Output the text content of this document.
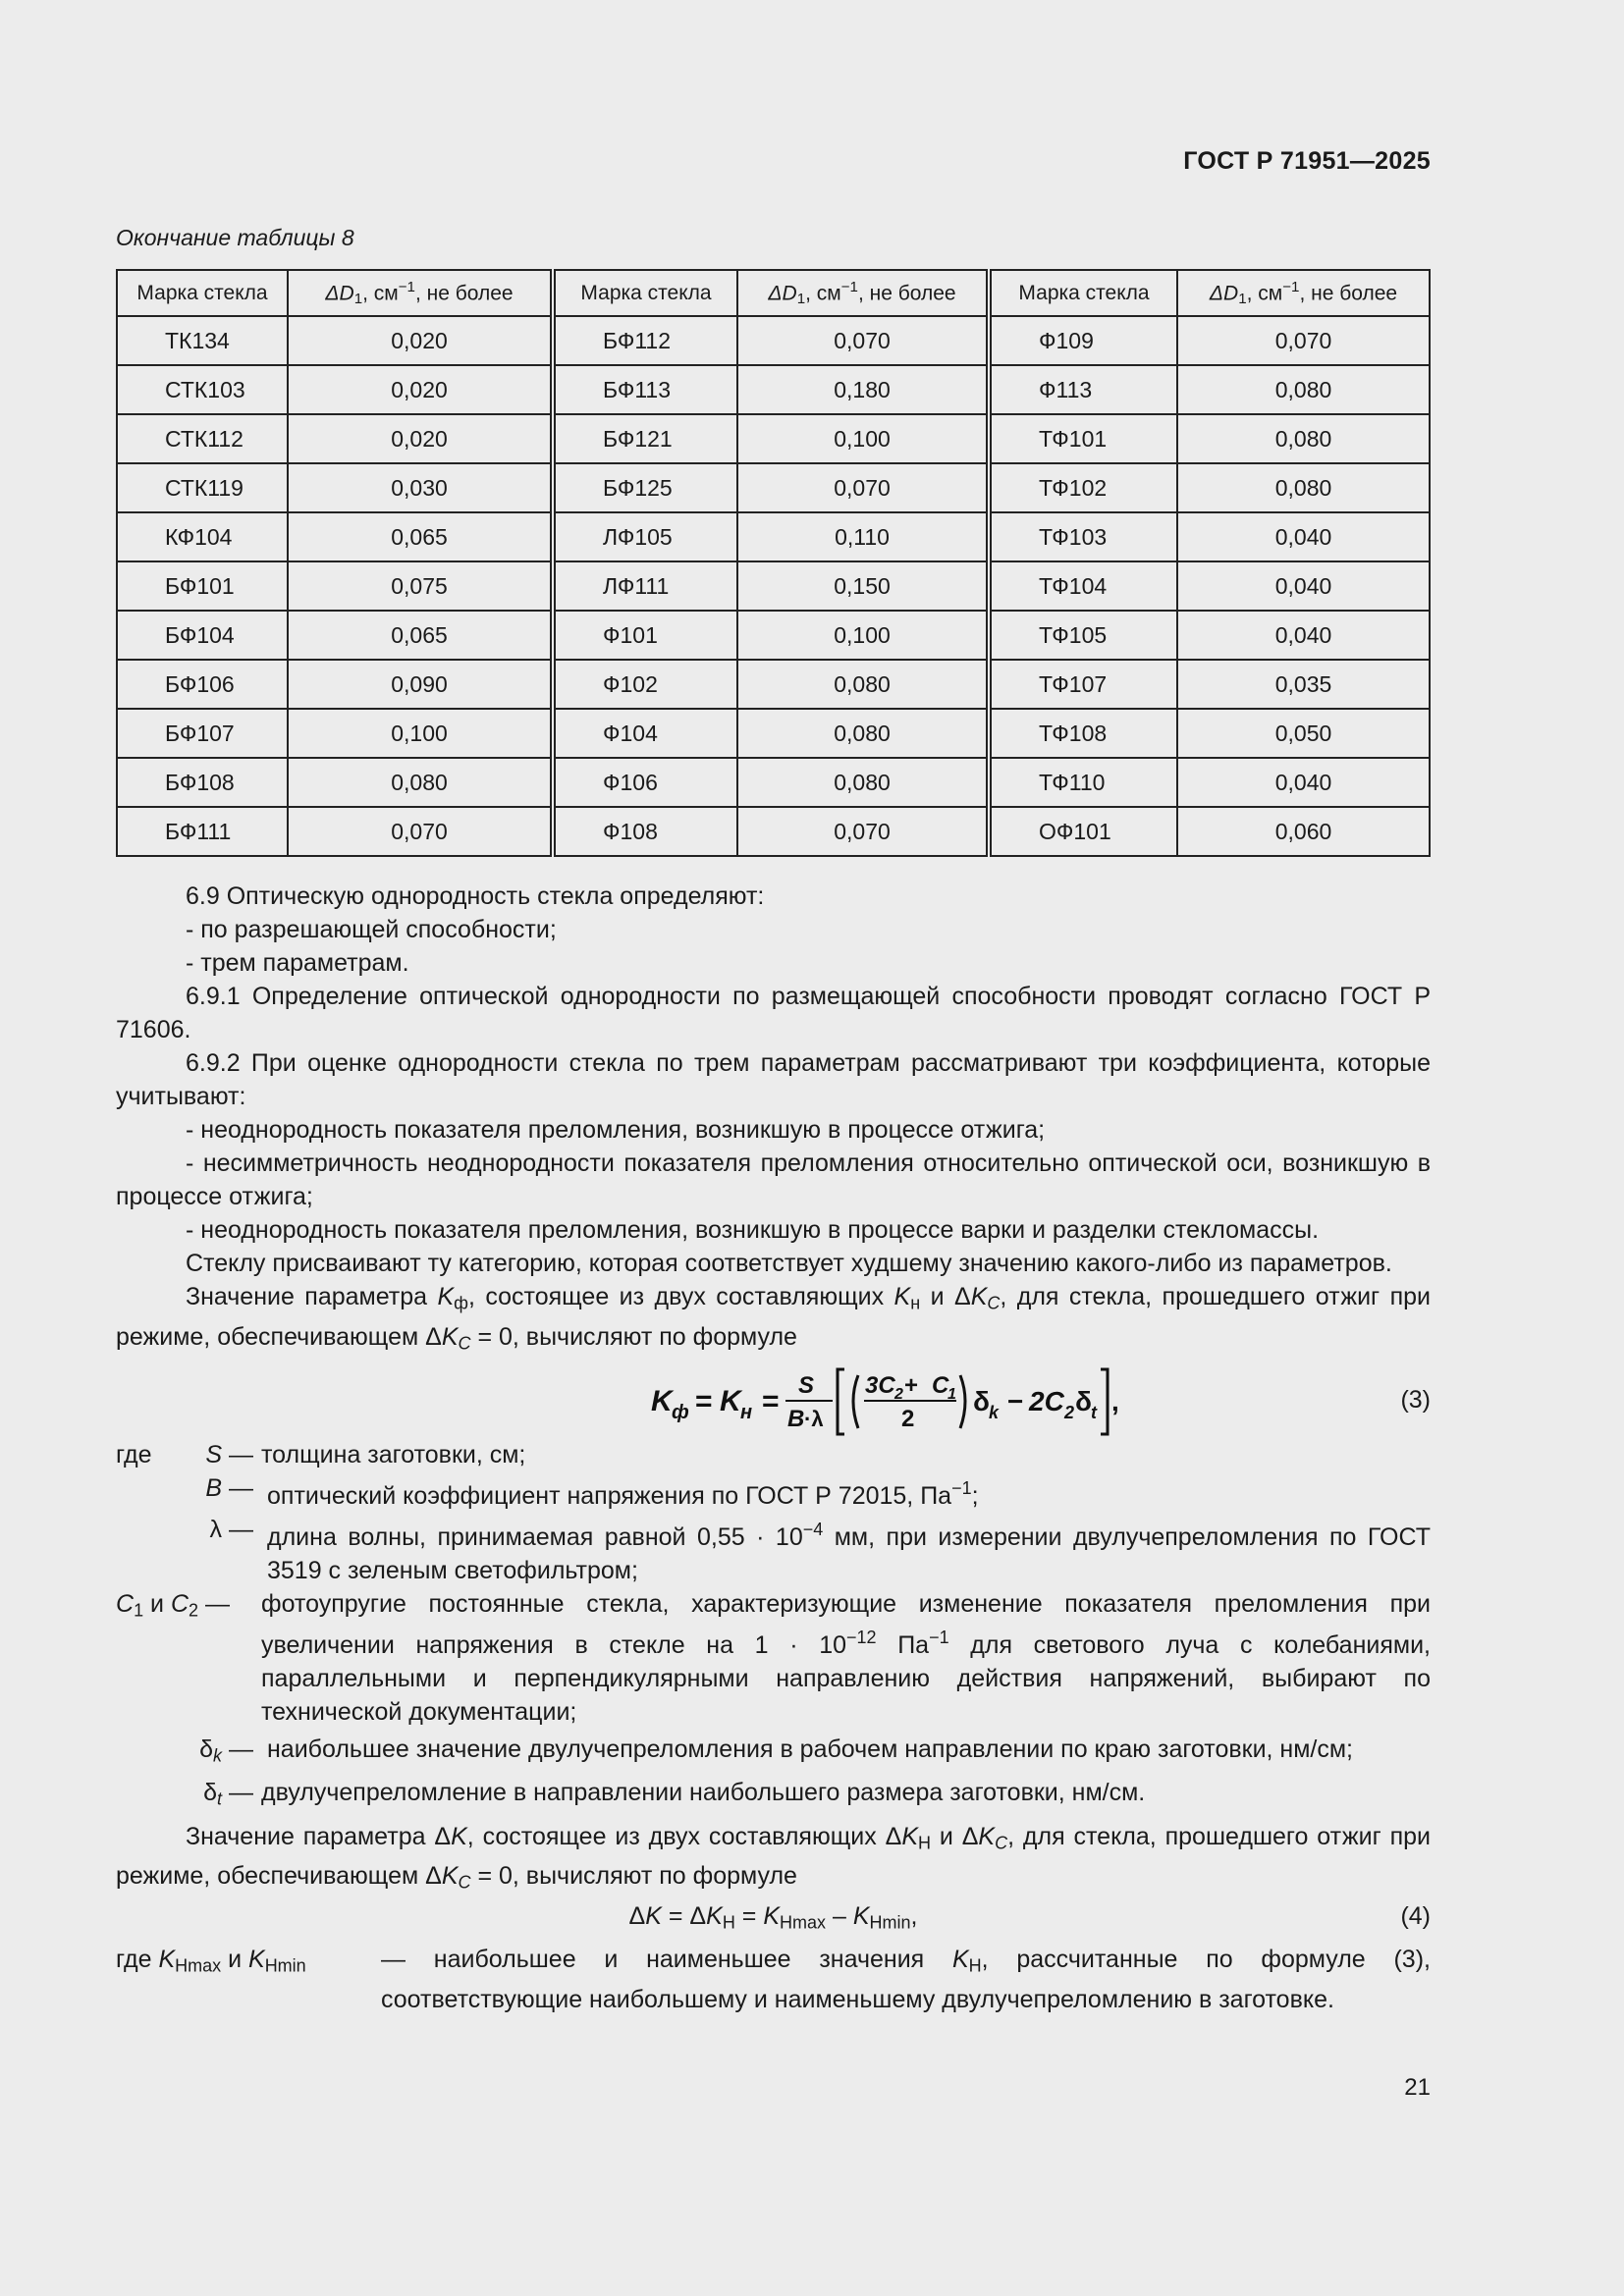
ГОСТ Р 71951—2025
Окончание таблицы 8
Марка стекла	$\Delta D_1$, $см^{-1}$, не более	Марка стекла	$\Delta D_1$, $см^{-1}$, не более	Марка стекла	$\Delta D_1$, $см^{-1}$, не более
ТК134	0,020	БФ112	0,070	Ф109	0,070
СТК103	0,020	БФ113	0,180	Ф113	0,080
СТК112	0,020	БФ121	0,100	ТФ101	0,080
СТК119	0,030	БФ125	0,070	ТФ102	0,080
КФ104	0,065	ЛФ105	0,110	ТФ103	0,040
БФ101	0,075	ЛФ111	0,150	ТФ104	0,040
БФ104	0,065	Ф101	0,100	ТФ105	0,040
БФ106	0,090	Ф102	0,080	ТФ107	0,035
БФ107	0,100	Ф104	0,080	ТФ108	0,050
БФ108	0,080	Ф106	0,080	ТФ110	0,040
БФ111	0,070	Ф108	0,070	ОФ101	0,060

6.9 Оптическую однородность стекла определяют:

- по разрешающей способности;

- трем параметрам.

6.9.1 Определение оптической однородности по размещающей способности проводят согласно ГОСТ Р 71606.

6.9.2 При оценке однородности стекла по трем параметрам рассматривают три коэффициента, которые учитывают:

- неоднородность показателя преломления, возникшую в процессе отжига;

- несимметричность неоднородности показателя преломления относительно оптической оси, возникшую в процессе отжига;

- неоднородность показателя преломления, возникшую в процессе варки и разделки стекломассы.

Стеклу присваивают ту категорию, которая соответствует худшему значению какого-либо из параметров.

Значение параметра $K_ф$, состоящее из двух составляющих $K_н$ и $\Delta K_C$, для стекла, прошедшего отжиг при режиме, обеспечивающем $\Delta K_C = 0$, вычисляют по формуле

K ф = K н = S
B ·λ
3C 2 + C
1
2
δ k − 2C 2 δ t ,	(3)

где	S — толщина заготовки, см;

B — оптический коэффициент напряжения по ГОСТ Р 72015, $Па^{-1}$;

λ — длина волны, принимаемая равной $0,55 \cdot 10^{-4}$ мм, при измерении двулучепреломления по ГОСТ 3519 с зеленым светофильтром;

$C_1$ и $C_2$ —	фотоупругие постоянные стекла, характеризующие изменение показателя преломления при увеличении напряжения в стекле на $1 \cdot 10^{-12}$ $Па^{-1}$ для светового луча с колебаниями, параллельными и перпендикулярными направлению действия напряжений, выбирают по технической документации;

$\delta_k$ — наибольшее значение двулучепреломления в рабочем направлении по краю заготовки, нм/см;

$\delta_t$ — двулучепреломление в направлении наибольшего размера заготовки, нм/см.

Значение параметра ΔK, состоящее из двух составляющих $\Delta K_Н$ и $\Delta K_C$, для стекла, прошедшего отжиг при режиме, обеспечивающем $\Delta K_C = 0$, вычисляют по формуле

$\Delta K = \Delta K_Н = K_{Нmax} - K_{Нmin}$,	(4)

где $K_{Нmax}$ и $K_{Нmin}$	— наибольшее и наименьшее значения $K_Н$, рассчитанные по формуле (3), соответствующие наибольшему и наименьшему двулучепреломлению в заготовке.

21
